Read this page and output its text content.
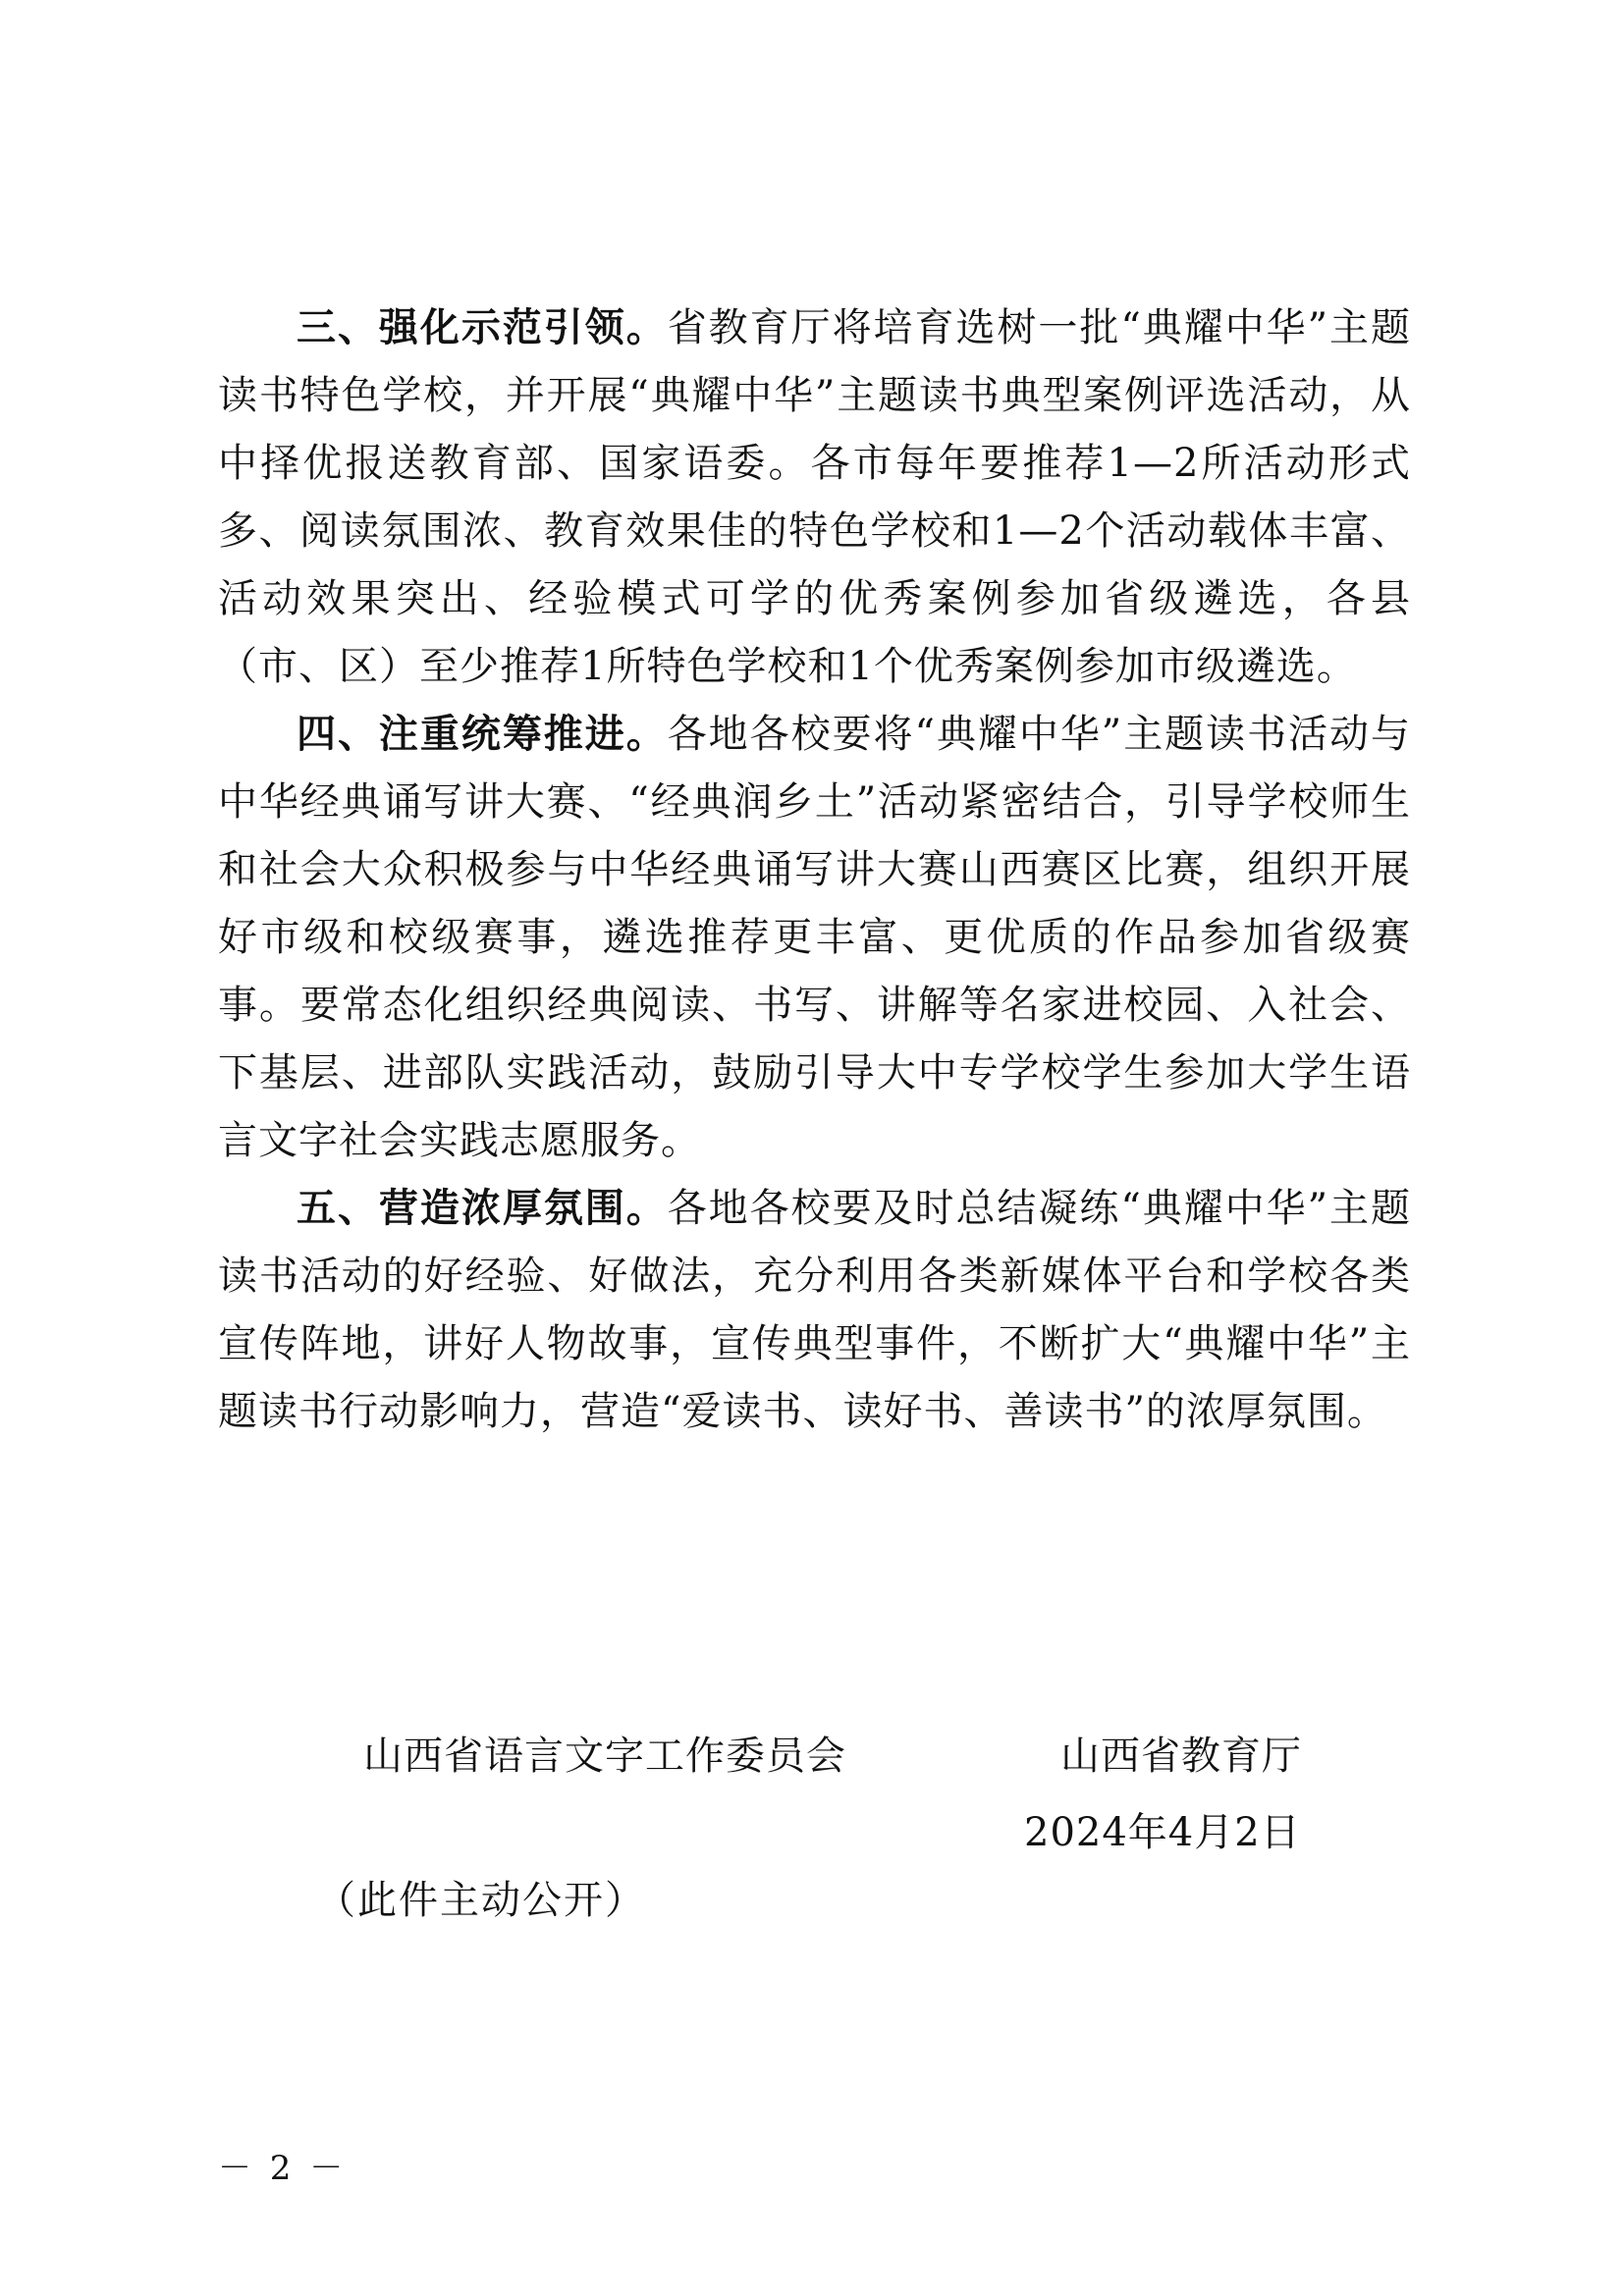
三、强化示范引领。省教育厅将培育选树一批“典耀中华”主题读书特色学校，并开展“典耀中华”主题读书典型案例评选活动，从中择优报送教育部、国家语委。各市每年要推荐1—2所活动形式多、阅读氛围浓、教育效果佳的特色学校和1—2个活动载体丰富、活动效果突出、经验模式可学的优秀案例参加省级遴选，各县（市、区）至少推荐1所特色学校和1个优秀案例参加市级遴选。

四、注重统筹推进。各地各校要将“典耀中华”主题读书活动与中华经典诵写讲大赛、“经典润乡土”活动紧密结合，引导学校师生和社会大众积极参与中华经典诵写讲大赛山西赛区比赛，组织开展好市级和校级赛事，遴选推荐更丰富、更优质的作品参加省级赛事。要常态化组织经典阅读、书写、讲解等名家进校园、入社会、下基层、进部队实践活动，鼓励引导大中专学校学生参加大学生语言文字社会实践志愿服务。

五、营造浓厚氛围。各地各校要及时总结凝练“典耀中华”主题读书活动的好经验、好做法，充分利用各类新媒体平台和学校各类宣传阵地，讲好人物故事，宣传典型事件，不断扩大“典耀中华”主题读书行动影响力，营造“爱读书、读好书、善读书”的浓厚氛围。

山西省语言文字工作委员会	山西省教育厅
2024年4月2日
（此件主动公开）
－ 2 －
